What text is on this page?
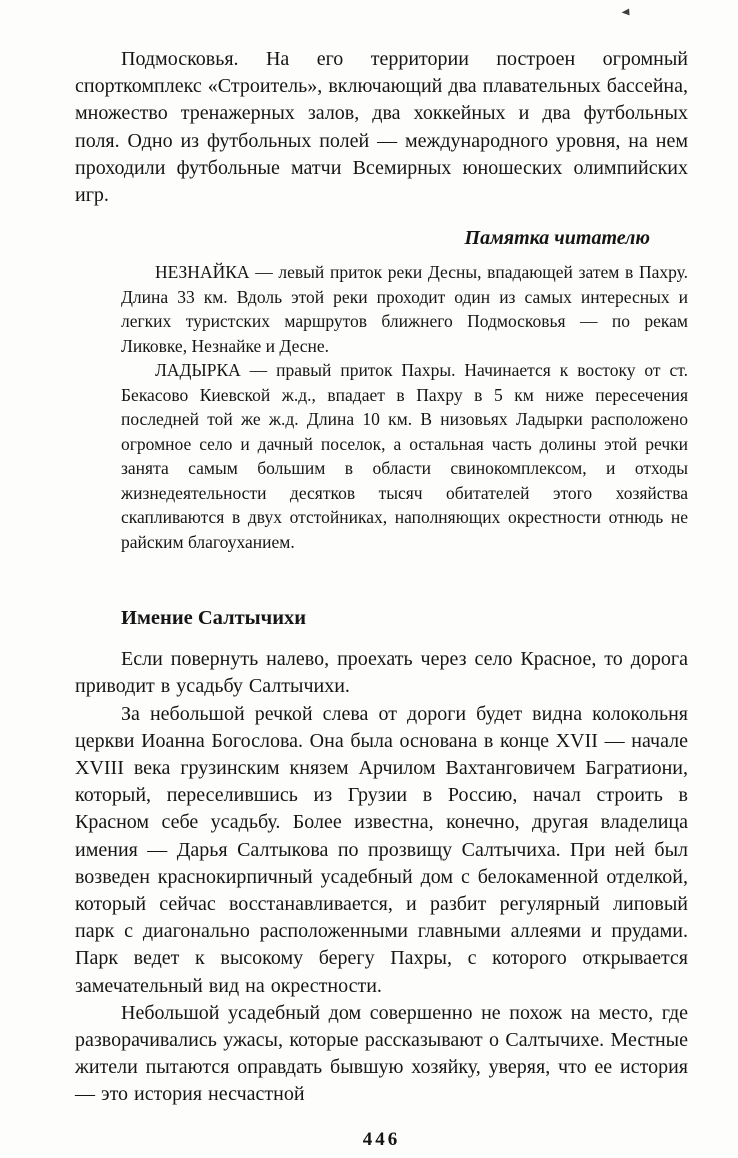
◄

Подмосковья. На его территории построен огромный спорткомплекс «Строитель», включающий два плавательных бассейна, множество тренажерных залов, два хоккейных и два футбольных поля. Одно из футбольных полей — международного уровня, на нем проходили футбольные матчи Всемирных юношеских олимпийских игр.

Памятка читателю

НЕЗНАЙКА — левый приток реки Десны, впадающей затем в Пахру. Длина 33 км. Вдоль этой реки проходит один из самых интересных и легких туристских маршрутов ближнего Подмосковья — по рекам Ликовке, Незнайке и Десне.

ЛАДЫРКА — правый приток Пахры. Начинается к востоку от ст. Бекасово Киевской ж.д., впадает в Пахру в 5 км ниже пересечения последней той же ж.д. Длина 10 км. В низовьях Ладырки расположено огромное село и дачный поселок, а остальная часть долины этой речки занята самым большим в области свинокомплексом, и отходы жизнедеятельности десятков тысяч обитателей этого хозяйства скапливаются в двух отстойниках, наполняющих окрестности отнюдь не райским благоуханием.

Имение Салтычихи

Если повернуть налево, проехать через село Красное, то дорога приводит в усадьбу Салтычихи.

За небольшой речкой слева от дороги будет видна колокольня церкви Иоанна Богослова. Она была основана в конце XVII — начале XVIII века грузинским князем Арчилом Вахтанговичем Багратиони, который, переселившись из Грузии в Россию, начал строить в Красном себе усадьбу. Более известна, конечно, другая владелица имения — Дарья Салтыкова по прозвищу Салтычиха. При ней был возведен краснокирпичный усадебный дом с белокаменной отделкой, который сейчас восстанавливается, и разбит регулярный липовый парк с диагонально расположенными главными аллеями и прудами. Парк ведет к высокому берегу Пахры, с которого открывается замечательный вид на окрестности.

Небольшой усадебный дом совершенно не похож на место, где разворачивались ужасы, которые рассказывают о Салтычихе. Местные жители пытаются оправдать бывшую хозяйку, уверяя, что ее история — это история несчастной

446
